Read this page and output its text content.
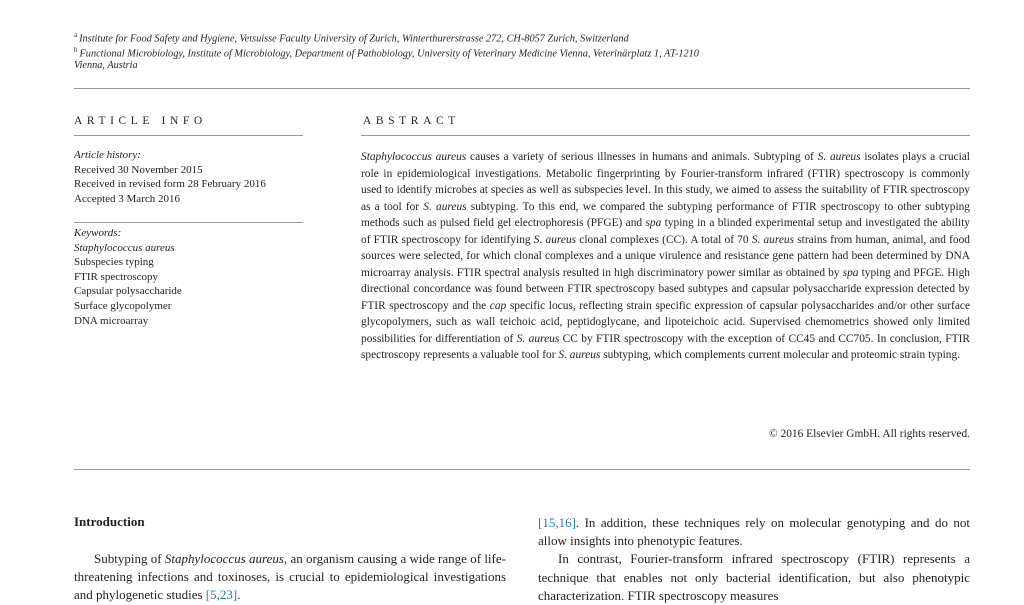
$^a$ Institute for Food Safety and Hygiene, Vetsuisse Faculty University of Zurich, Winterthurerstrasse 272, CH-8057 Zurich, Switzerland
$^b$ Functional Microbiology, Institute of Microbiology, Department of Pathobiology, University of Veterinary Medicine Vienna, Veterinärplatz 1, AT-1210
Vienna, Austria
ARTICLE INFO	ABSTRACT
Article history:
Received 30 November 2015
Received in revised form 28 February 2016
Accepted 3 March 2016
Keywords:
Staphylococcus aureus
Subspecies typing
FTIR spectroscopy
Capsular polysaccharide
Surface glycopolymer
DNA microarray

Staphylococcus aureus causes a variety of serious illnesses in humans and animals. Subtyping of S. aureus isolates plays a crucial role in epidemiological investigations. Metabolic fingerprinting by Fourier-transform infrared (FTIR) spectroscopy is commonly used to identify microbes at species as well as subspecies level. In this study, we aimed to assess the suitability of FTIR spectroscopy as a tool for S. aureus subtyping. To this end, we compared the subtyping performance of FTIR spectroscopy to other subtyping methods such as pulsed field gel electrophoresis (PFGE) and spa typing in a blinded experimental setup and investigated the ability of FTIR spectroscopy for identifying S. aureus clonal complexes (CC). A total of 70 S. aureus strains from human, animal, and food sources were selected, for which clonal complexes and a unique virulence and resistance gene pattern had been determined by DNA microarray analysis. FTIR spectral analysis resulted in high discriminatory power similar as obtained by spa typing and PFGE. High directional concordance was found between FTIR spectroscopy based subtypes and capsular polysaccharide expression detected by FTIR spectroscopy and the cap specific locus, reflecting strain specific expression of capsular polysaccharides and/or other surface glycopolymers, such as wall teichoic acid, peptidoglycane, and lipoteichoic acid. Supervised chemometrics showed only limited possibilities for differentiation of S. aureus CC by FTIR spectroscopy with the exception of CC45 and CC705. In conclusion, FTIR spectroscopy represents a valuable tool for S. aureus subtyping, which complements current molecular and proteomic strain typing.

© 2016 Elsevier GmbH. All rights reserved.
Introduction

Subtyping of Staphylococcus aureus, an organism causing a wide range of life-threatening infections and toxinoses, is crucial to epidemiological investigations and phylogenetic studies [5,23].

[15,16]. In addition, these techniques rely on molecular genotyping and do not allow insights into phenotypic features.

In contrast, Fourier-transform infrared spectroscopy (FTIR) represents a technique that enables not only bacterial identification, but also phenotypic characterization. FTIR spectroscopy measures
